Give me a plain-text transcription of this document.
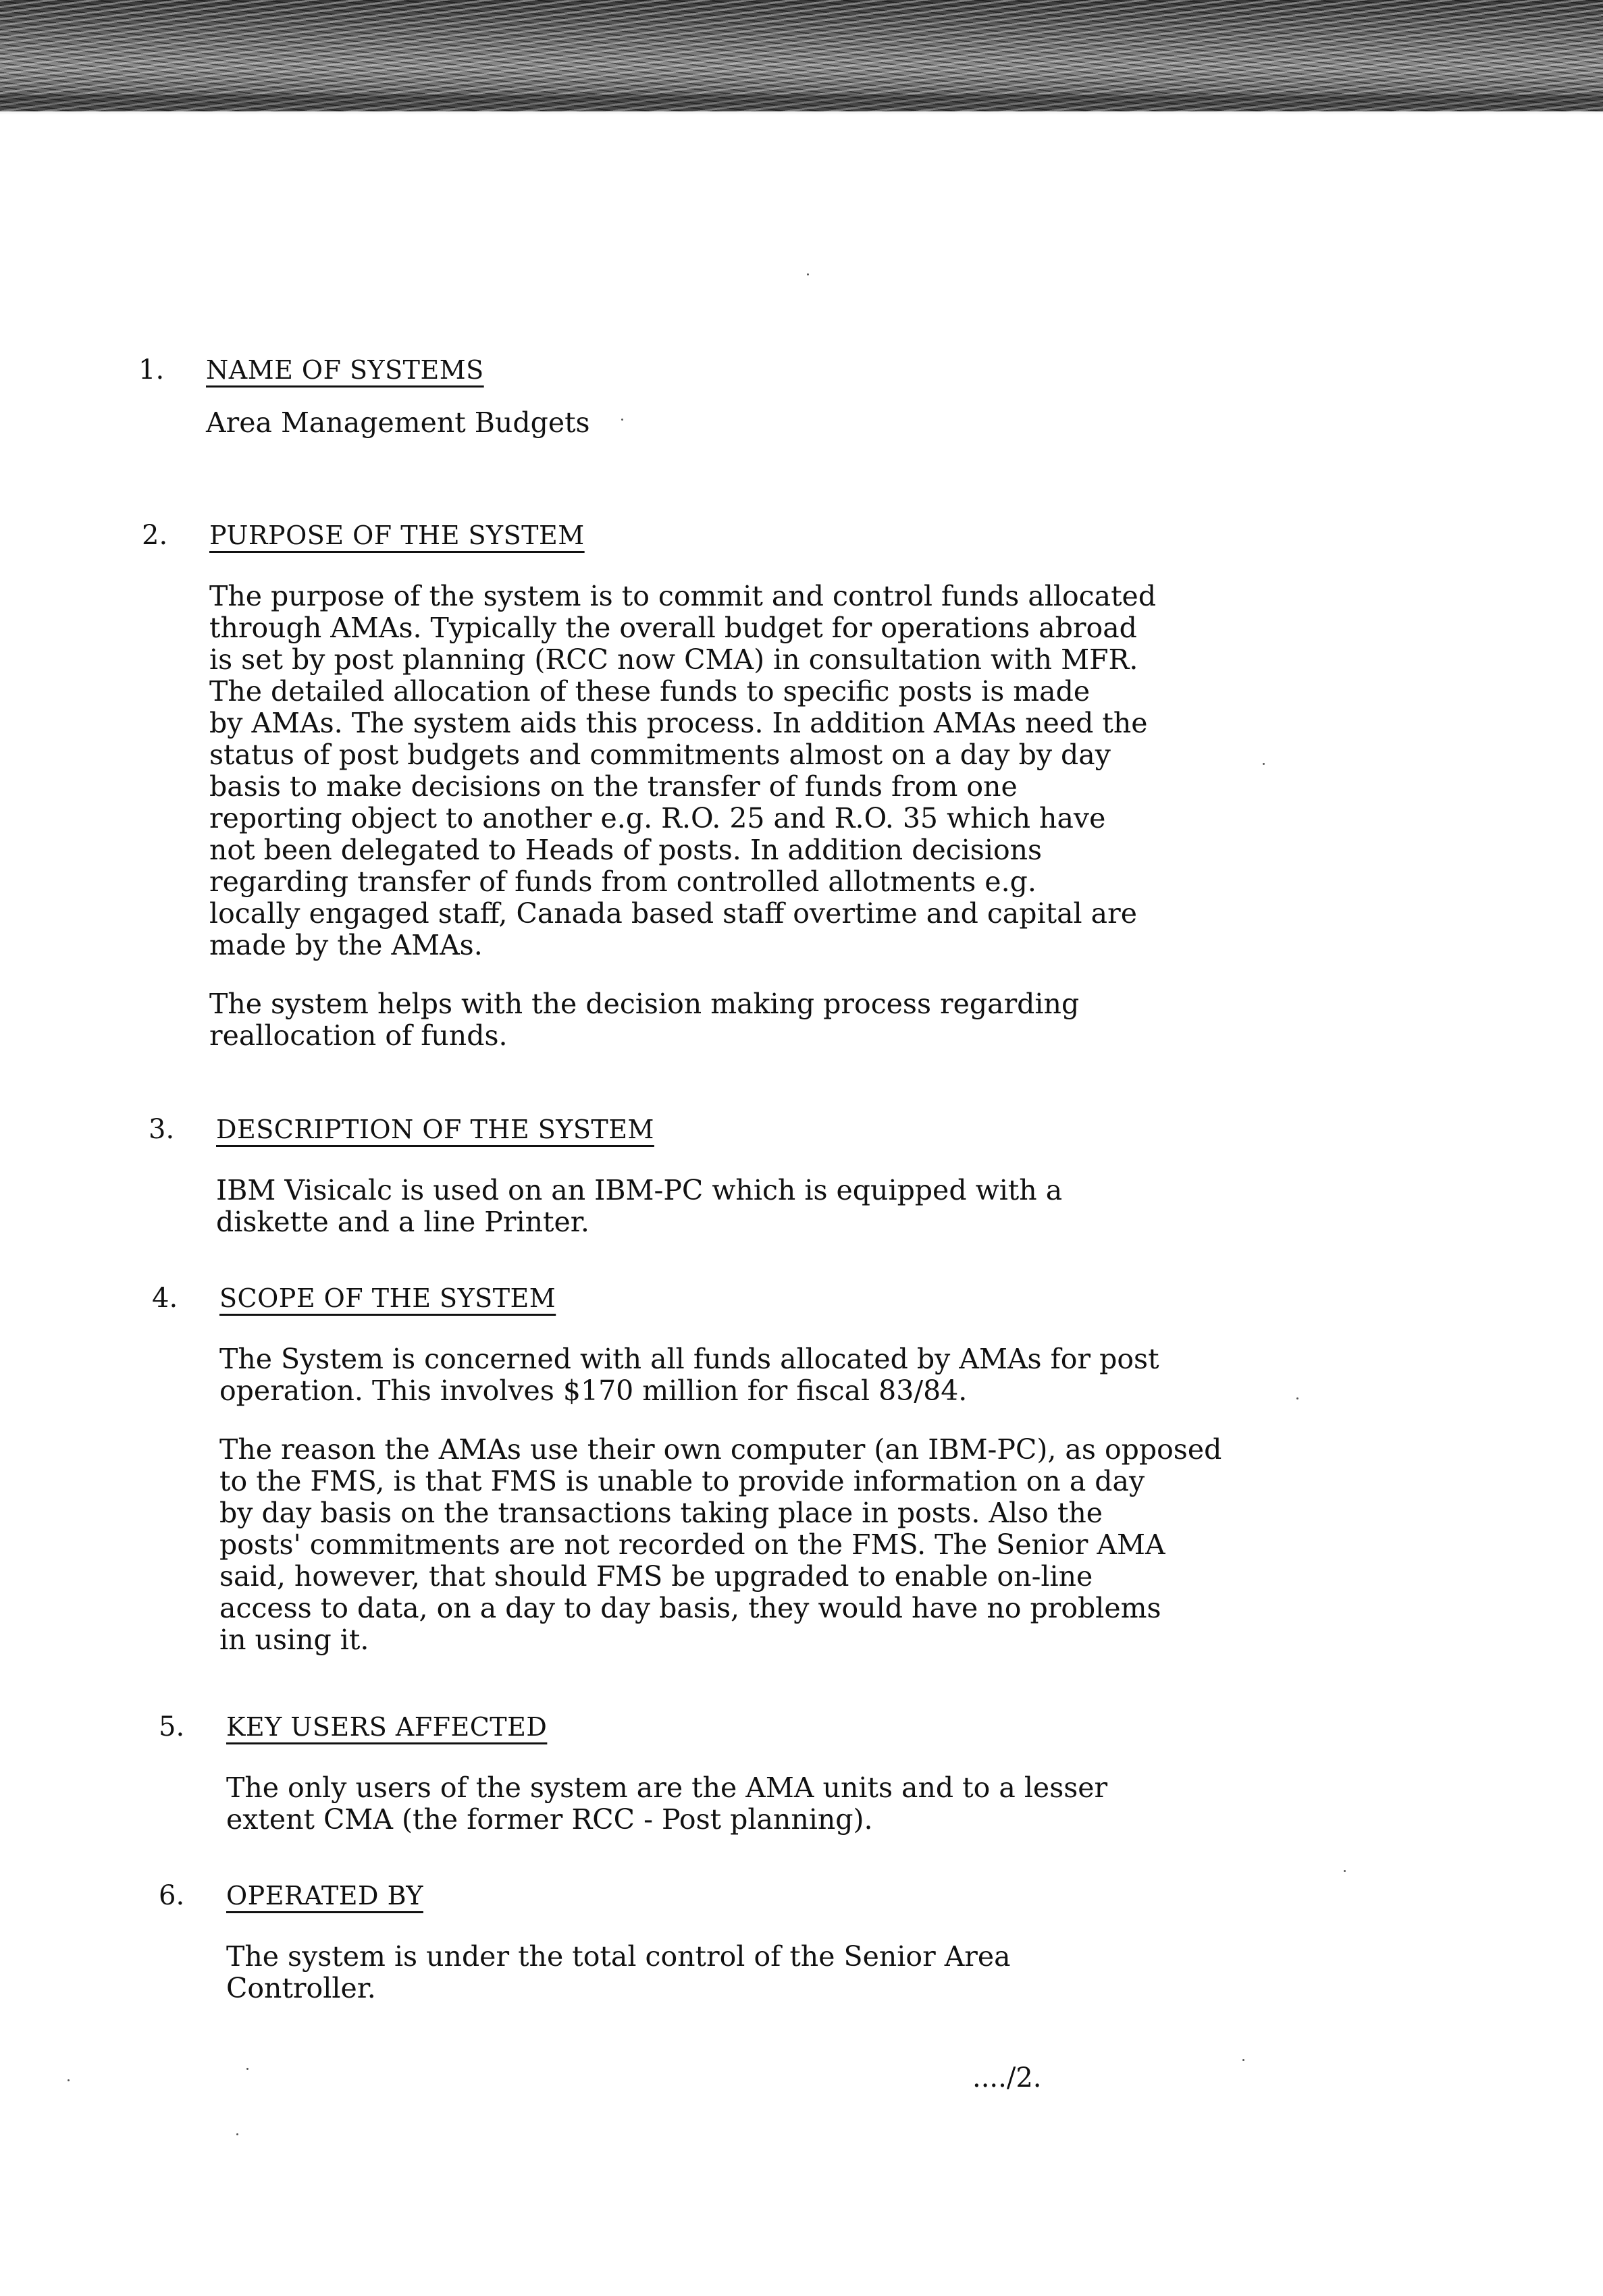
1.	NAME OF SYSTEMS
Area Management Budgets
2.	PURPOSE OF THE SYSTEM
The purpose of the system is to commit and control funds allocated
through AMAs. Typically the overall budget for operations abroad
is set by post planning (RCC now CMA) in consultation with MFR.
The detailed allocation of these funds to specific posts is made
by AMAs. The system aids this process. In addition AMAs need the
status of post budgets and commitments almost on a day by day
basis to make decisions on the transfer of funds from one
reporting object to another e.g. R.O. 25 and R.O. 35 which have
not been delegated to Heads of posts. In addition decisions
regarding transfer of funds from controlled allotments e.g.
locally engaged staff, Canada based staff overtime and capital are
made by the AMAs.
The system helps with the decision making process regarding
reallocation of funds.
3.	DESCRIPTION OF THE SYSTEM
IBM Visicalc is used on an IBM-PC which is equipped with a
diskette and a line Printer.
4.	SCOPE OF THE SYSTEM
The System is concerned with all funds allocated by AMAs for post
operation. This involves $170 million for fiscal 83/84.
The reason the AMAs use their own computer (an IBM-PC), as opposed
to the FMS, is that FMS is unable to provide information on a day
by day basis on the transactions taking place in posts. Also the
posts' commitments are not recorded on the FMS. The Senior AMA
said, however, that should FMS be upgraded to enable on-line
access to data, on a day to day basis, they would have no problems
in using it.
5.	KEY USERS AFFECTED
The only users of the system are the AMA units and to a lesser
extent CMA (the former RCC - Post planning).
6.	OPERATED BY
The system is under the total control of the Senior Area
Controller.
..../2.
